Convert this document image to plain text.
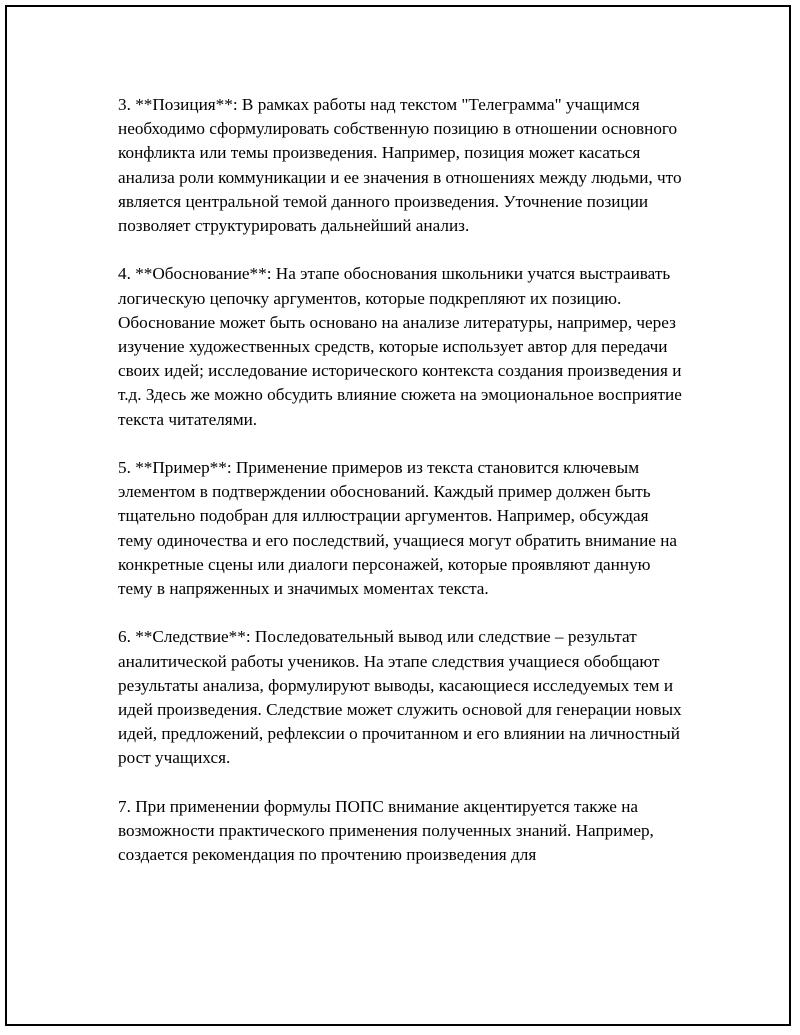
3. **Позиция**: В рамках работы над текстом "Телеграмма" учащимся необходимо сформулировать собственную позицию в отношении основного конфликта или темы произведения. Например, позиция может касаться анализа роли коммуникации и ее значения в отношениях между людьми, что является центральной темой данного произведения. Уточнение позиции позволяет структурировать дальнейший анализ.

4. **Обоснование**: На этапе обоснования школьники учатся выстраивать логическую цепочку аргументов, которые подкрепляют их позицию. Обоснование может быть основано на анализе литературы, например, через изучение художественных средств, которые использует автор для передачи своих идей; исследование исторического контекста создания произведения и т.д. Здесь же можно обсудить влияние сюжета на эмоциональное восприятие текста читателями.

5. **Пример**: Применение примеров из текста становится ключевым элементом в подтверждении обоснований. Каждый пример должен быть тщательно подобран для иллюстрации аргументов. Например, обсуждая тему одиночества и его последствий, учащиеся могут обратить внимание на конкретные сцены или диалоги персонажей, которые проявляют данную тему в напряженных и значимых моментах текста.

6. **Следствие**: Последовательный вывод или следствие – результат аналитической работы учеников. На этапе следствия учащиеся обобщают результаты анализа, формулируют выводы, касающиеся исследуемых тем и идей произведения. Следствие может служить основой для генерации новых идей, предложений, рефлексии о прочитанном и его влиянии на личностный рост учащихся.

7. При применении формулы ПОПС внимание акцентируется также на возможности практического применения полученных знаний. Например, создается рекомендация по прочтению произведения для
